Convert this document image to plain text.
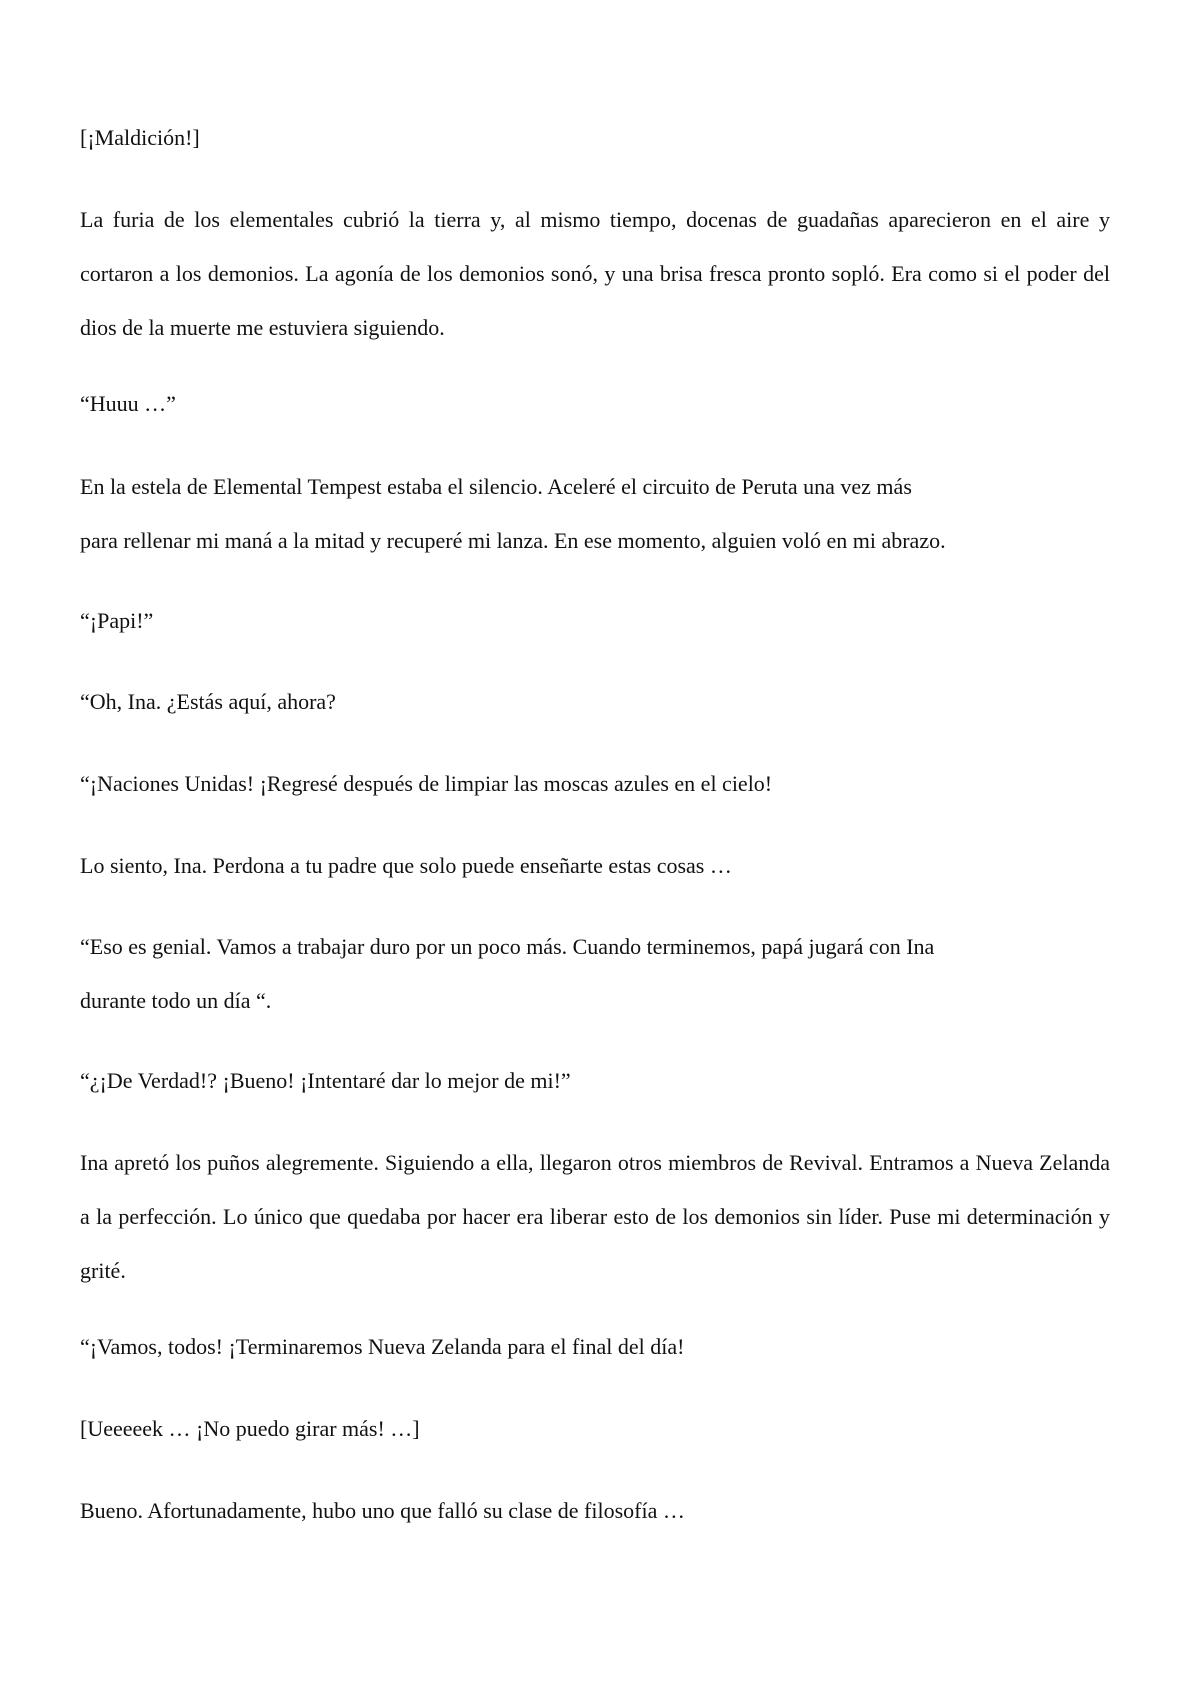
[¡Maldición!]

La furia de los elementales cubrió la tierra y, al mismo tiempo, docenas de guadañas aparecieron en el aire y cortaron a los demonios. La agonía de los demonios sonó, y una brisa fresca pronto sopló. Era como si el poder del dios de la muerte me estuviera siguiendo.

“Huuu …”

En la estela de Elemental Tempest estaba el silencio. Aceleré el circuito de Peruta una vez más
para rellenar mi maná a la mitad y recuperé mi lanza. En ese momento, alguien voló en mi abrazo.

“¡Papi!”

“Oh, Ina. ¿Estás aquí, ahora?

“¡Naciones Unidas! ¡Regresé después de limpiar las moscas azules en el cielo!

Lo siento, Ina. Perdona a tu padre que solo puede enseñarte estas cosas …

“Eso es genial. Vamos a trabajar duro por un poco más. Cuando terminemos, papá jugará con Ina
durante todo un día “.

“¿¡De Verdad!? ¡Bueno! ¡Intentaré dar lo mejor de mi!”

Ina apretó los puños alegremente. Siguiendo a ella, llegaron otros miembros de Revival. Entramos a Nueva Zelanda a la perfección. Lo único que quedaba por hacer era liberar esto de los demonios sin líder. Puse mi determinación y grité.

“¡Vamos, todos! ¡Terminaremos Nueva Zelanda para el final del día!

[Ueeeeek … ¡No puedo girar más! …]

Bueno. Afortunadamente, hubo uno que falló su clase de filosofía …
